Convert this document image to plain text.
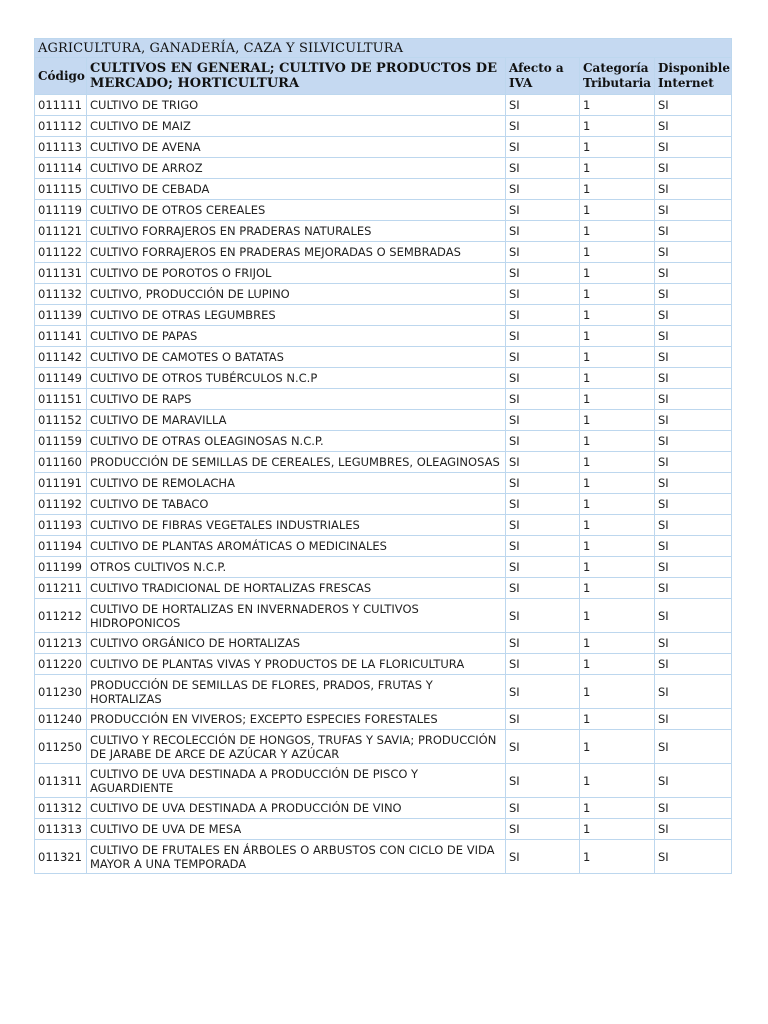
AGRICULTURA, GANADERÍA, CAZA Y SILVICULTURA				
Código	CULTIVOS EN GENERAL; CULTIVO DE PRODUCTOS DE MERCADO; HORTICULTURA	Afecto a IVA	Categoría Tributaria	Disponible Internet
011111	CULTIVO DE TRIGO	SI	1	SI
011112	CULTIVO DE MAIZ	SI	1	SI
011113	CULTIVO DE AVENA	SI	1	SI
011114	CULTIVO DE ARROZ	SI	1	SI
011115	CULTIVO DE CEBADA	SI	1	SI
011119	CULTIVO DE OTROS CEREALES	SI	1	SI
011121	CULTIVO FORRAJEROS EN PRADERAS NATURALES	SI	1	SI
011122	CULTIVO FORRAJEROS EN PRADERAS MEJORADAS O SEMBRADAS	SI	1	SI
011131	CULTIVO DE POROTOS O FRIJOL	SI	1	SI
011132	CULTIVO, PRODUCCIÓN DE LUPINO	SI	1	SI
011139	CULTIVO DE OTRAS LEGUMBRES	SI	1	SI
011141	CULTIVO DE PAPAS	SI	1	SI
011142	CULTIVO DE CAMOTES O BATATAS	SI	1	SI
011149	CULTIVO DE OTROS TUBÉRCULOS N.C.P	SI	1	SI
011151	CULTIVO DE RAPS	SI	1	SI
011152	CULTIVO DE MARAVILLA	SI	1	SI
011159	CULTIVO DE OTRAS OLEAGINOSAS N.C.P.	SI	1	SI
011160	PRODUCCIÓN DE SEMILLAS DE CEREALES, LEGUMBRES, OLEAGINOSAS	SI	1	SI
011191	CULTIVO DE REMOLACHA	SI	1	SI
011192	CULTIVO DE TABACO	SI	1	SI
011193	CULTIVO DE FIBRAS VEGETALES INDUSTRIALES	SI	1	SI
011194	CULTIVO DE PLANTAS AROMÁTICAS O MEDICINALES	SI	1	SI
011199	OTROS CULTIVOS N.C.P.	SI	1	SI
011211	CULTIVO TRADICIONAL DE HORTALIZAS FRESCAS	SI	1	SI
011212	CULTIVO DE HORTALIZAS EN INVERNADEROS Y CULTIVOS HIDROPONICOS	SI	1	SI
011213	CULTIVO ORGÁNICO DE HORTALIZAS	SI	1	SI
011220	CULTIVO DE PLANTAS VIVAS Y PRODUCTOS DE LA FLORICULTURA	SI	1	SI
011230	PRODUCCIÓN DE SEMILLAS DE FLORES, PRADOS, FRUTAS Y HORTALIZAS	SI	1	SI
011240	PRODUCCIÓN EN VIVEROS; EXCEPTO ESPECIES FORESTALES	SI	1	SI
011250	CULTIVO Y RECOLECCIÓN DE HONGOS, TRUFAS Y SAVIA; PRODUCCIÓN DE JARABE DE ARCE DE AZÚCAR Y AZÚCAR	SI	1	SI
011311	CULTIVO DE UVA DESTINADA A PRODUCCIÓN DE PISCO Y AGUARDIENTE	SI	1	SI
011312	CULTIVO DE UVA DESTINADA A PRODUCCIÓN DE VINO	SI	1	SI
011313	CULTIVO DE UVA DE MESA	SI	1	SI
011321	CULTIVO DE FRUTALES EN ÁRBOLES O ARBUSTOS CON CICLO DE VIDA MAYOR A UNA TEMPORADA	SI	1	SI
